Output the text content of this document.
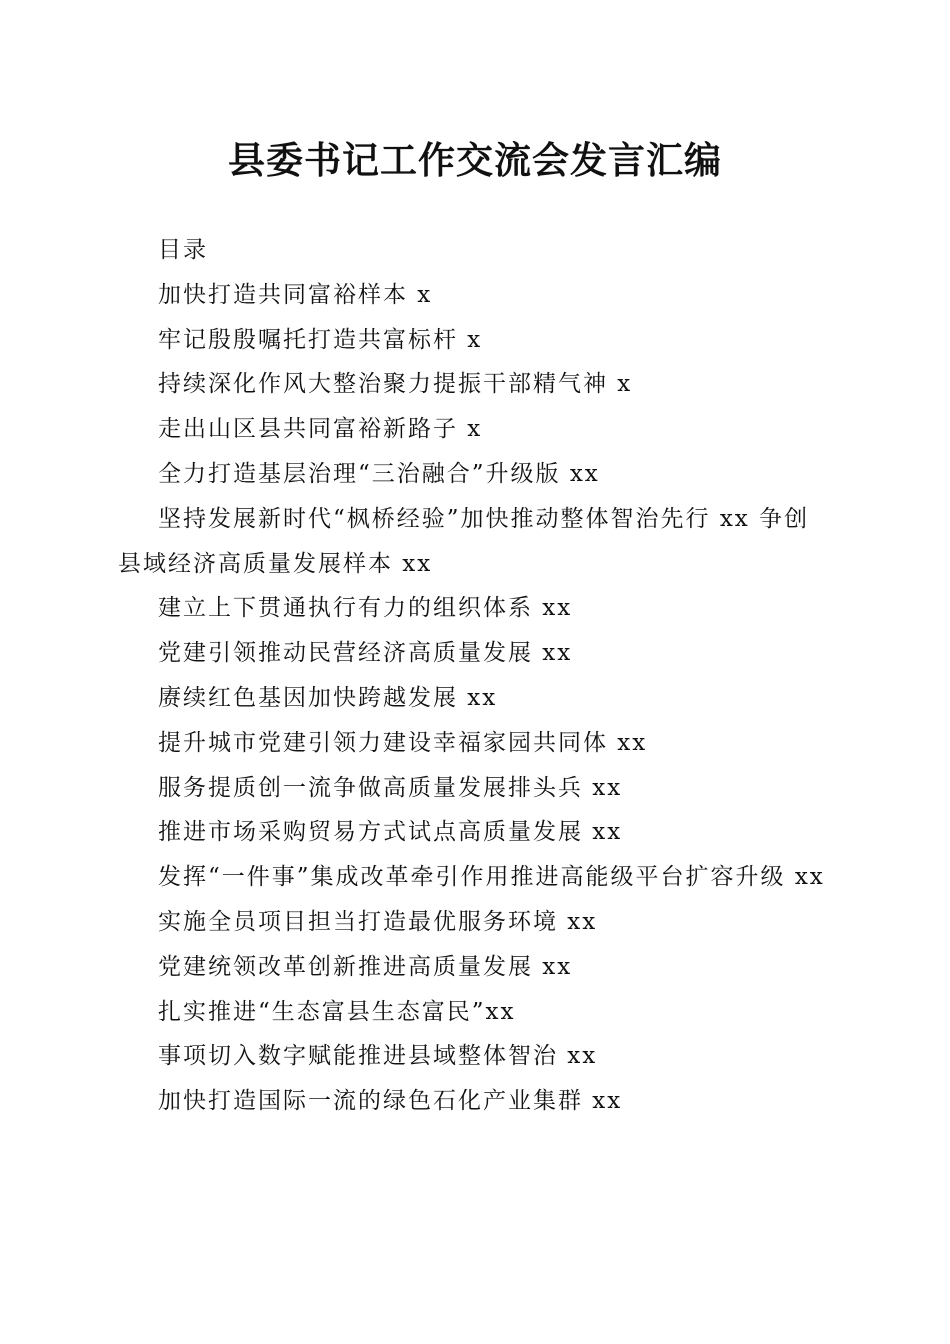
县委书记工作交流会发言汇编

目录

加快打造共同富裕样本 x

牢记殷殷嘱托打造共富标杆 x

持续深化作风大整治聚力提振干部精气神 x

走出山区县共同富裕新路子 x

全力打造基层治理“三治融合”升级版 xx

坚持发展新时代“枫桥经验”加快推动整体智治先行 xx 争创县域经济高质量发展样本 xx

建立上下贯通执行有力的组织体系 xx

党建引领推动民营经济高质量发展 xx

赓续红色基因加快跨越发展 xx

提升城市党建引领力建设幸福家园共同体 xx

服务提质创一流争做高质量发展排头兵 xx

推进市场采购贸易方式试点高质量发展 xx

发挥“一件事”集成改革牵引作用推进高能级平台扩容升级 xx

实施全员项目担当打造最优服务环境 xx

党建统领改革创新推进高质量发展 xx

扎实推进“生态富县生态富民”xx

事项切入数字赋能推进县域整体智治 xx

加快打造国际一流的绿色石化产业集群 xx
